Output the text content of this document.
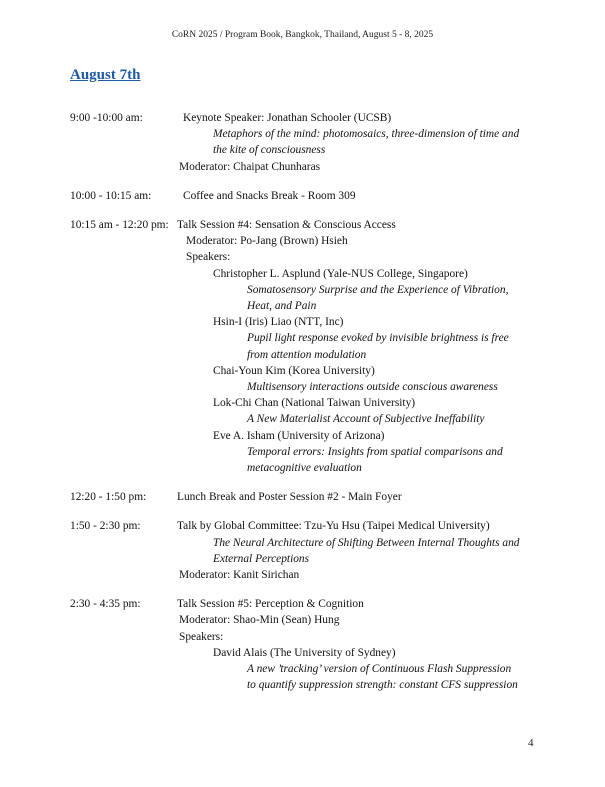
CoRN 2025 / Program Book, Bangkok, Thailand, August 5 - 8, 2025
August 7th
9:00 -10:00 am:	Keynote Speaker: Jonathan Schooler (UCSB)
Metaphors of the mind: photomosaics, three-dimension of time and
the kite of consciousness
Moderator: Chaipat Chunharas
10:00 - 10:15 am:	Coffee and Snacks Break - Room 309
10:15 am - 12:20 pm: Talk Session #4: Sensation & Conscious Access
Moderator: Po-Jang (Brown) Hsieh
Speakers:
Christopher L. Asplund (Yale-NUS College, Singapore)
Somatosensory Surprise and the Experience of Vibration,
Heat, and Pain
Hsin-I (Iris) Liao (NTT, Inc)
Pupil light response evoked by invisible brightness is free
from attention modulation
Chai-Youn Kim (Korea University)
Multisensory interactions outside conscious awareness
Lok-Chi Chan (National Taiwan University)
A New Materialist Account of Subjective Ineffability
Eve A. Isham (University of Arizona)
Temporal errors: Insights from spatial comparisons and
metacognitive evaluation
12:20 - 1:50 pm:	Lunch Break and Poster Session #2 - Main Foyer
1:50 - 2:30 pm:	Talk by Global Committee: Tzu-Yu Hsu (Taipei Medical University)
The Neural Architecture of Shifting Between Internal Thoughts and
External Perceptions
Moderator: Kanit Sirichan
2:30 - 4:35 pm:	Talk Session #5: Perception & Cognition
Moderator: Shao-Min (Sean) Hung
Speakers:
David Alais (The University of Sydney)
A new ’tracking’ version of Continuous Flash Suppression
to quantify suppression strength: constant CFS suppression
4
